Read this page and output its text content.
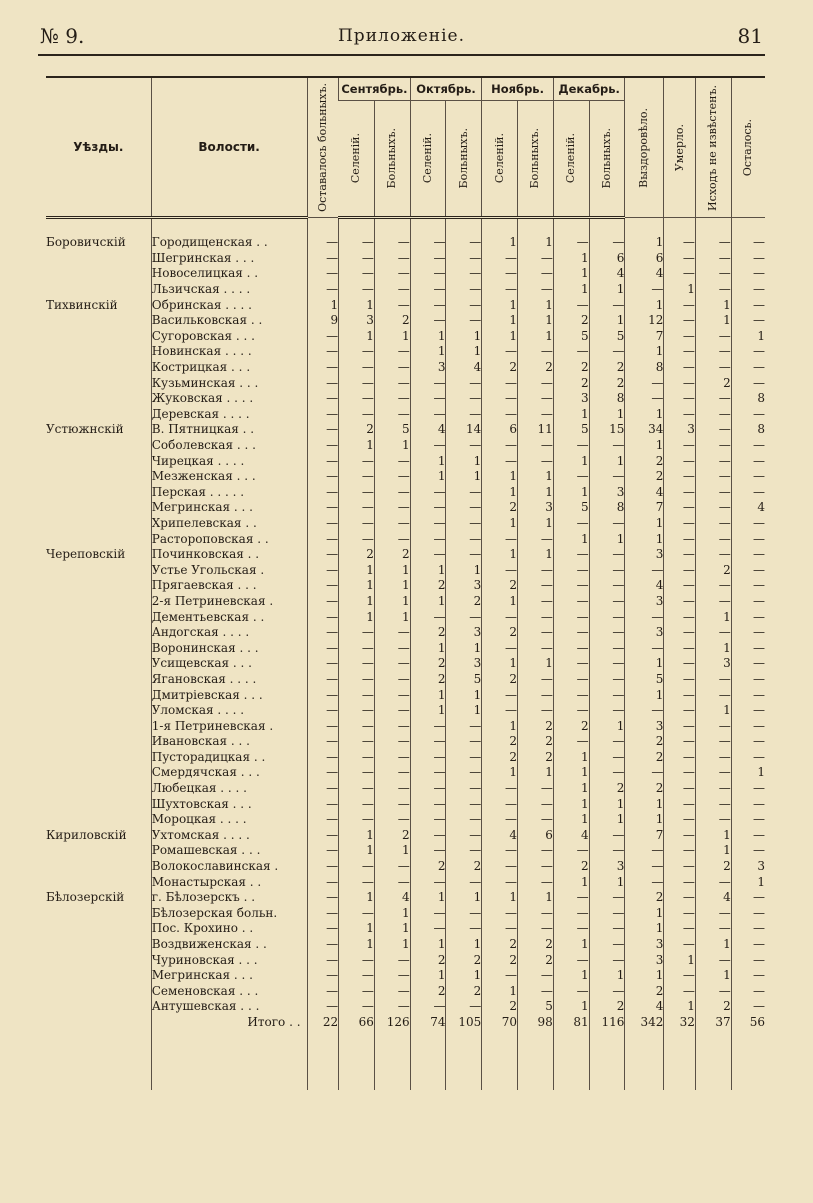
№ 9.	Приложеніе.	81
Уѣзды.	Волости.	Оставалось больныхъ.	Сентябрь.		Октябрь.		Ноябрь.		Декабрь.		Выздоровѣло.	Умерло.	Исходъ не извѣстенъ.	Осталось.

			Селеній.	Больныхъ.	Селеній.	Больныхъ.	Селеній.	Больныхъ.	Селеній.	Больныхъ.				

Боровичскій	Городищенская . .	—	—	—	—	—	1	1	—	—	1	—	—	—
	Шегринская . . .	—	—	—	—	—	—	—	1	6	6	—	—	—
	Новоселицкая . .	—	—	—	—	—	—	—	1	4	4	—	—	—
	Льзичская . . . .	—	—	—	—	—	—	—	1	1	—	1	—	—
Тихвинскій	Обринская . . . .	1	1	—	—	—	1	1	—	—	1	—	1	—
	Васильковская . .	9	3	2	—	—	1	1	2	1	12	—	1	—
	Сугоровская . . .	—	1	1	1	1	1	1	5	5	7	—	—	1
	Новинская . . . .	—	—	—	1	1	—	—	—	—	1	—	—	—
	Кострицкая . . .	—	—	—	3	4	2	2	2	2	8	—	—	—
	Кузьминская . . .	—	—	—	—	—	—	—	2	2	—	—	2	—
	Жуковская . . . .	—	—	—	—	—	—	—	3	8	—	—	—	8
	Деревская . . . .	—	—	—	—	—	—	—	1	1	1	—	—	—
Устюжнскій	В. Пятницкая . .	—	2	5	4	14	6	11	5	15	34	3	—	8
	Соболевская . . .	—	1	1	—	—	—	—	—	—	1	—	—	—
	Чирецкая . . . .	—	—	—	1	1	—	—	1	1	2	—	—	—
	Мезженская . . .	—	—	—	1	1	1	1	—	—	2	—	—	—
	Перская . . . . .	—	—	—	—	—	1	1	1	3	4	—	—	—
	Мегринская . . .	—	—	—	—	—	2	3	5	8	7	—	—	4
	Хрипелевская . .	—	—	—	—	—	1	1	—	—	1	—	—	—
	Растороповская . .	—	—	—	—	—	—	—	1	1	1	—	—	—
Череповскій	Починковская . .	—	2	2	—	—	1	1	—	—	3	—	—	—
	Устье Угольская .	—	1	1	1	1	—	—	—	—	—	—	2	—
	Прягаевская . . .	—	1	1	2	3	2	—	—	—	4	—	—	—
	2-я Петриневская .	—	1	1	1	2	1	—	—	—	3	—	—	—
	Дементьевская . .	—	1	1	—	—	—	—	—	—	—	—	1	—
	Андогская . . . .	—	—	—	2	3	2	—	—	—	3	—	—	—
	Воронинская . . .	—	—	—	1	1	—	—	—	—	—	—	1	—
	Усищевская . . .	—	—	—	2	3	1	1	—	—	1	—	3	—
	Ягановская . . . .	—	—	—	2	5	2	—	—	—	5	—	—	—
	Дмитріевская . . .	—	—	—	1	1	—	—	—	—	1	—	—	—
	Уломская . . . .	—	—	—	1	1	—	—	—	—	—	—	1	—
	1-я Петриневская .	—	—	—	—	—	1	2	2	1	3	—	—	—
	Ивановская . . .	—	—	—	—	—	2	2	—	—	2	—	—	—
	Пусторадицкая . .	—	—	—	—	—	2	2	1	—	2	—	—	—
	Смердячская . . .	—	—	—	—	—	1	1	1	—	—	—	—	1
	Любецкая . . . .	—	—	—	—	—	—	—	1	2	2	—	—	—
	Шухтовская . . .	—	—	—	—	—	—	—	1	1	1	—	—	—
	Мороцкая . . . .	—	—	—	—	—	—	—	1	1	1	—	—	—
Кириловскій	Ухтомская . . . .	—	1	2	—	—	4	6	4	—	7	—	1	—
	Ромашевская . . .	—	1	1	—	—	—	—	—	—	—	—	1	—
	Волокославинская .	—	—	—	2	2	—	—	2	3	—	—	2	3
	Монастырская . .	—	—	—	—	—	—	—	1	1	—	—	—	1
Бѣлозерскій	г. Бѣлозерскъ . .	—	1	4	1	1	1	1	—	—	2	—	4	—
	Бѣлозерская больн.	—	—	1	—	—	—	—	—	—	1	—	—	—
	Пос. Крохино . .	—	1	1	—	—	—	—	—	—	1	—	—	—
	Воздвиженская . .	—	1	1	1	1	2	2	1	—	3	—	1	—
	Чуриновская . . .	—	—	—	2	2	2	2	—	—	3	1	—	—
	Мегринская . . .	—	—	—	1	1	—	—	1	1	1	—	1	—
	Семеновская . . .	—	—	—	2	2	1	—	—	—	2	—	—	—
	Антушевская . . .	—	—	—	—	—	2	5	1	2	4	1	2	—
	Итого . .	22	66	126	74	105	70	98	81	116	342	32	37	56
